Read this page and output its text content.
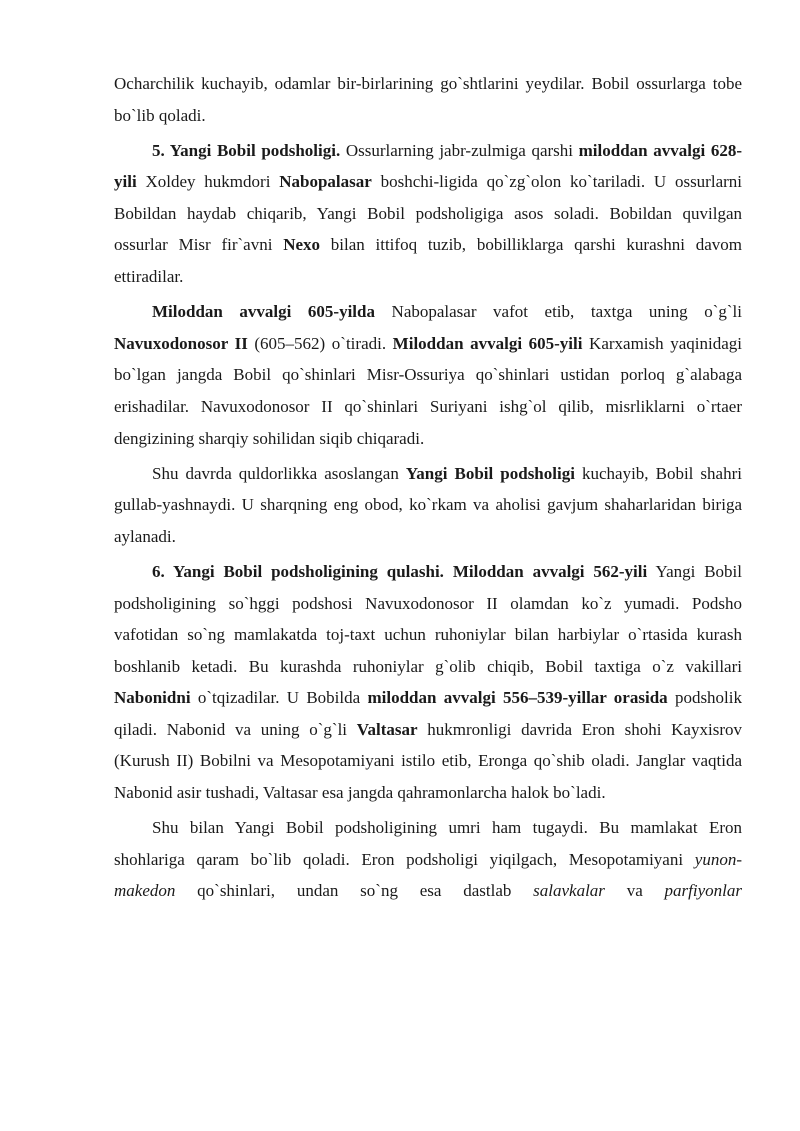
Ocharchilik kuchayib, odamlar bir-birlarining go`shtlarini yeydilar. Bobil ossurlarga tobe bo`lib qoladi.

5. Yangi Bobil podsholigi. Ossurlarning jabr-zulmiga qarshi miloddan avvalgi 628-yili Xoldey hukmdori Nabopalasar boshchi-ligida qo`zg`olon ko`tariladi. U ossurlarni Bobildan haydab chiqarib, Yangi Bobil podsholigiga asos soladi. Bobildan quvilgan ossurlar Misr fir`avni Nexo bilan ittifoq tuzib, bobilliklarga qarshi kurashni davom ettiradilar.

Miloddan avvalgi 605-yilda Nabopalasar vafot etib, taxtga uning o`g`li Navuxodonosor II (605–562) o`tiradi. Miloddan avvalgi 605-yili Karxamish yaqinidagi bo`lgan jangda Bobil qo`shinlari Misr-Ossuriya qo`shinlari ustidan porloq g`alabaga erishadilar. Navuxodonosor II qo`shinlari Suriyani ishg`ol qilib, misrliklarni o`rtaer dengizining sharqiy sohilidan siqib chiqaradi.

Shu davrda quldorlikka asoslangan Yangi Bobil podsholigi kuchayib, Bobil shahri gullab-yashnaydi. U sharqning eng obod, ko`rkam va aholisi gavjum shaharlaridan biriga aylanadi.

6. Yangi Bobil podsholigining qulashi. Miloddan avvalgi 562-yili Yangi Bobil podsholigining so`hggi podshosi Navuxodonosor II olamdan ko`z yumadi. Podsho vafotidan so`ng mamlakatda toj-taxt uchun ruhoniylar bilan harbiylar o`rtasida kurash boshlanib ketadi. Bu kurashda ruhoniylar g`olib chiqib, Bobil taxtiga o`z vakillari Nabonidni o`tqizadilar. U Bobilda miloddan avvalgi 556–539-yillar orasida podsholik qiladi. Nabonid va uning o`g`li Valtasar hukmronligi davrida Eron shohi Kayxisrov (Kurush II) Bobilni va Mesopotamiyani istilo etib, Eronga qo`shib oladi. Janglar vaqtida Nabonid asir tushadi, Valtasar esa jangda qahramonlarcha halok bo`ladi.

Shu bilan Yangi Bobil podsholigining umri ham tugaydi. Bu mamlakat Eron shohlariga qaram bo`lib qoladi. Eron podsholigi yiqilgach, Mesopotamiyani yunon-makedon qo`shinlari, undan so`ng esa dastlab salavkalar va parfiyonlar
